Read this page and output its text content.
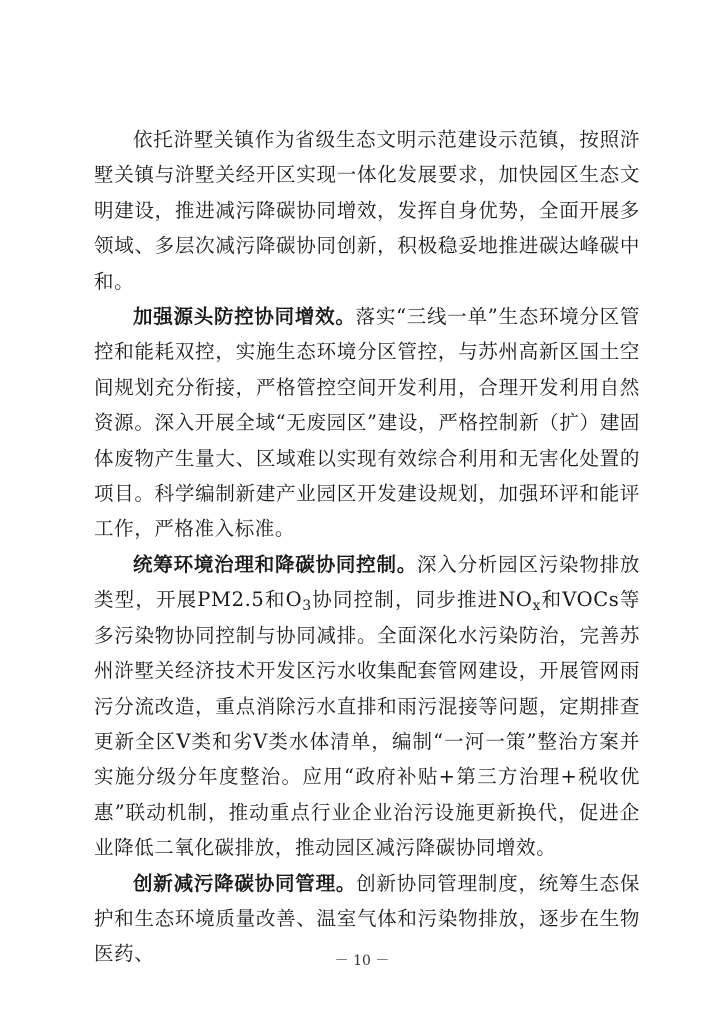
依托浒墅关镇作为省级生态文明示范建设示范镇，按照浒墅关镇与浒墅关经开区实现一体化发展要求，加快园区生态文明建设，推进减污降碳协同增效，发挥自身优势，全面开展多领域、多层次减污降碳协同创新，积极稳妥地推进碳达峰碳中和。

加强源头防控协同增效。落实“三线一单”生态环境分区管控和能耗双控，实施生态环境分区管控，与苏州高新区国土空间规划充分衔接，严格管控空间开发利用，合理开发利用自然资源。深入开展全域“无废园区”建设，严格控制新（扩）建固体废物产生量大、区域难以实现有效综合利用和无害化处置的项目。科学编制新建产业园区开发建设规划，加强环评和能评工作，严格准入标准。

统筹环境治理和降碳协同控制。深入分析园区污染物排放类型，开展PM2.5和$O_3$协同控制，同步推进$NO_x$和VOCs等多污染物协同控制与协同减排。全面深化水污染防治，完善苏州浒墅关经济技术开发区污水收集配套管网建设，开展管网雨污分流改造，重点消除污水直排和雨污混接等问题，定期排查更新全区Ⅴ类和劣Ⅴ类水体清单，编制“一河一策”整治方案并实施分级分年度整治。应用“政府补贴+第三方治理+税收优惠”联动机制，推动重点行业企业治污设施更新换代，促进企业降低二氧化碳排放，推动园区减污降碳协同增效。

创新减污降碳协同管理。创新协同管理制度，统筹生态保护和生态环境质量改善、温室气体和污染物排放，逐步在生物医药、	－ 10 －
